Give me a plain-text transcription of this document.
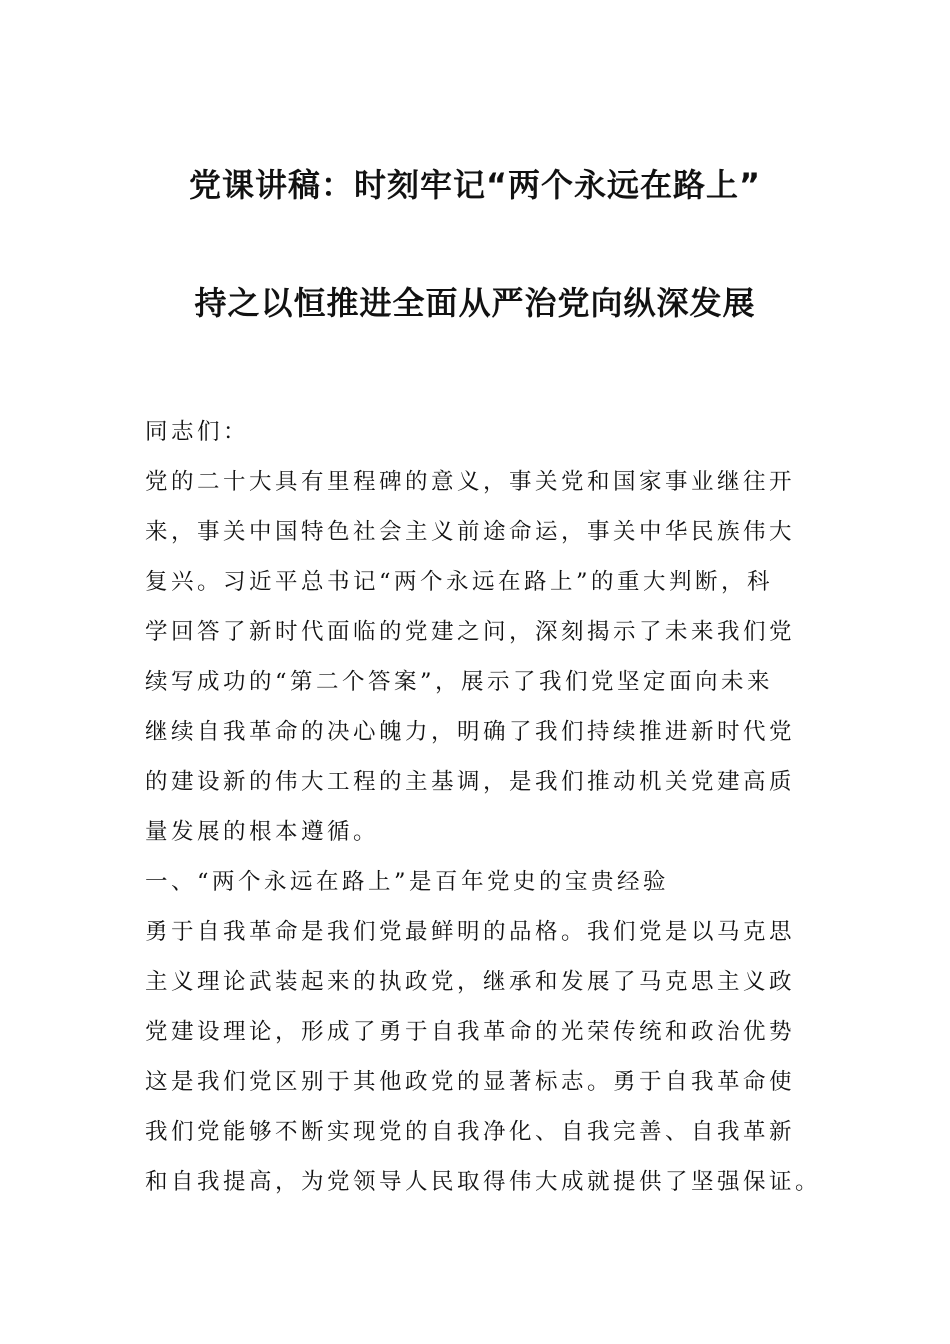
党课讲稿：时刻牢记“两个永远在路上”
持之以恒推进全面从严治党向纵深发展
同志们：
党的二十大具有里程碑的意义，事关党和国家事业继往开
来，事关中国特色社会主义前途命运，事关中华民族伟大
复兴。习近平总书记“两个永远在路上”的重大判断，科
学回答了新时代面临的党建之问，深刻揭示了未来我们党
续写成功的“第二个答案”，展示了我们党坚定面向未来
继续自我革命的决心魄力，明确了我们持续推进新时代党
的建设新的伟大工程的主基调，是我们推动机关党建高质
量发展的根本遵循。
一、“两个永远在路上”是百年党史的宝贵经验
勇于自我革命是我们党最鲜明的品格。我们党是以马克思
主义理论武装起来的执政党，继承和发展了马克思主义政
党建设理论，形成了勇于自我革命的光荣传统和政治优势
这是我们党区别于其他政党的显著标志。勇于自我革命使
我们党能够不断实现党的自我净化、自我完善、自我革新
和自我提高，为党领导人民取得伟大成就提供了坚强保证。
